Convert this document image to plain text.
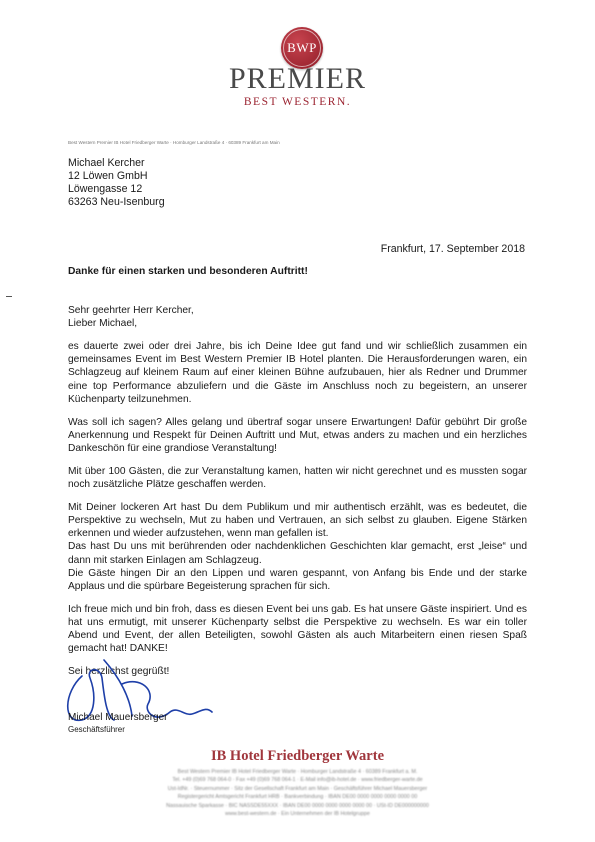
BWP
PREMIER
BEST WESTERN.
Best Western Premier IB Hotel Friedberger Warte · Homburger Landstraße 4 · 60389 Frankfurt am Main
Michael Kercher
12 Löwen GmbH
Löwengasse 12
63263 Neu-Isenburg
Frankfurt, 17. September 2018
Danke für einen starken und besonderen Auftritt!

Sehr geehrter Herr Kercher,
Lieber Michael,

es dauerte zwei oder drei Jahre, bis ich Deine Idee gut fand und wir schließlich zusammen ein gemeinsames Event im Best Western Premier IB Hotel planten. Die Herausforderungen waren, ein Schlagzeug auf kleinem Raum auf einer kleinen Bühne aufzubauen, hier als Redner und Drummer eine top Performance abzuliefern und die Gäste im Anschluss noch zu begeistern, an unserer Küchenparty teilzunehmen.

Was soll ich sagen? Alles gelang und übertraf sogar unsere Erwartungen! Dafür gebührt Dir große Anerkennung und Respekt für Deinen Auftritt und Mut, etwas anders zu machen und ein herzliches Dankeschön für eine grandiose Veranstaltung!

Mit über 100 Gästen, die zur Veranstaltung kamen, hatten wir nicht gerechnet und es mussten sogar noch zusätzliche Plätze geschaffen werden.

Mit Deiner lockeren Art hast Du dem Publikum und mir authentisch erzählt, was es bedeutet, die Perspektive zu wechseln, Mut zu haben und Vertrauen, an sich selbst zu glauben. Eigene Stärken erkennen und wieder aufzustehen, wenn man gefallen ist.

Das hast Du uns mit berührenden oder nachdenklichen Geschichten klar gemacht, erst „leise“ und dann mit starken Einlagen am Schlagzeug.

Die Gäste hingen Dir an den Lippen und waren gespannt, von Anfang bis Ende und der starke Applaus und die spürbare Begeisterung sprachen für sich.

Ich freue mich und bin froh, dass es diesen Event bei uns gab. Es hat unsere Gäste inspiriert. Und es hat uns ermutigt, mit unserer Küchenparty selbst die Perspektive zu wechseln. Es war ein toller Abend und Event, der allen Beteiligten, sowohl Gästen als auch Mitarbeitern einen riesen Spaß gemacht hat! DANKE!

Sei herzlichst gegrüßt!

Michael Mauersberger
Geschäftsführer
IB Hotel Friedberger Warte
Best Western Premier IB Hotel Friedberger Warte · Homburger Landstraße 4 · 60389 Frankfurt a. M.
Tel. +49 (0)69 768 064-0 · Fax +49 (0)69 768 064-1 · E-Mail info@ib-hotel.de · www.friedberger-warte.de
Ust-IdNr. · Steuernummer · Sitz der Gesellschaft Frankfurt am Main · Geschäftsführer Michael Mauersberger
Registergericht Amtsgericht Frankfurt HRB · Bankverbindung · IBAN DE00 0000 0000 0000 0000 00
Nassauische Sparkasse · BIC NASSDE55XXX · IBAN DE00 0000 0000 0000 0000 00 · USt-ID DE000000000
www.best-western.de · Ein Unternehmen der IB Hotelgruppe
